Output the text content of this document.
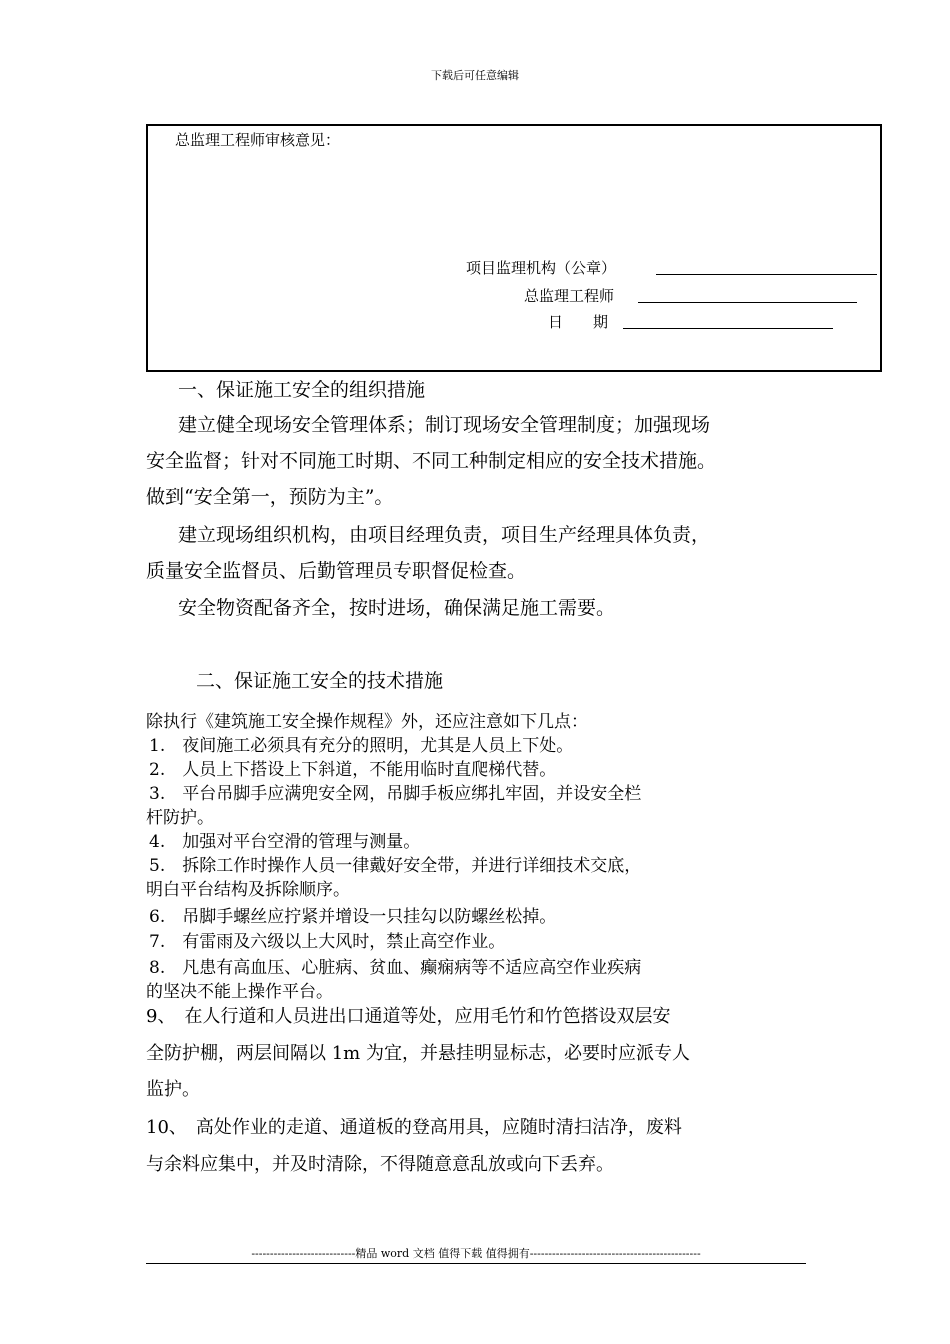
下载后可任意编辑
总监理工程师审核意见：
项目监理机构（公章）
总监理工程师
日　　期
一、保证施工安全的组织措施
建立健全现场安全管理体系；制订现场安全管理制度；加强现场
安全监督；针对不同施工时期、不同工种制定相应的安全技术措施。
做到“安全第一，预防为主”。
建立现场组织机构，由项目经理负责，项目生产经理具体负责，
质量安全监督员、后勤管理员专职督促检查。
安全物资配备齐全，按时进场，确保满足施工需要。
二、保证施工安全的技术措施
除执行《建筑施工安全操作规程》外，还应注意如下几点：
1.　夜间施工必须具有充分的照明，尤其是人员上下处。
2.　人员上下搭设上下斜道，不能用临时直爬梯代替。
3.　平台吊脚手应满兜安全网，吊脚手板应绑扎牢固，并设安全栏
杆防护。
4.　加强对平台空滑的管理与测量。
5.　拆除工作时操作人员一律戴好安全带，并进行详细技术交底，
明白平台结构及拆除顺序。
6.　吊脚手螺丝应拧紧并增设一只挂勾以防螺丝松掉。
7.　有雷雨及六级以上大风时，禁止高空作业。
8.　凡患有高血压、心脏病、贫血、癫痫病等不适应高空作业疾病
的坚决不能上操作平台。
9、　在人行道和人员进出口通道等处，应用毛竹和竹笆搭设双层安
全防护棚，两层间隔以 1m 为宜，并悬挂明显标志，必要时应派专人
监护。
10、　高处作业的走道、通道板的登高用具，应随时清扫洁净，废料
与余料应集中，并及时清除，不得随意意乱放或向下丢弃。
----------------------------精品 word 文档 值得下载 值得拥有----------------------------------------------
